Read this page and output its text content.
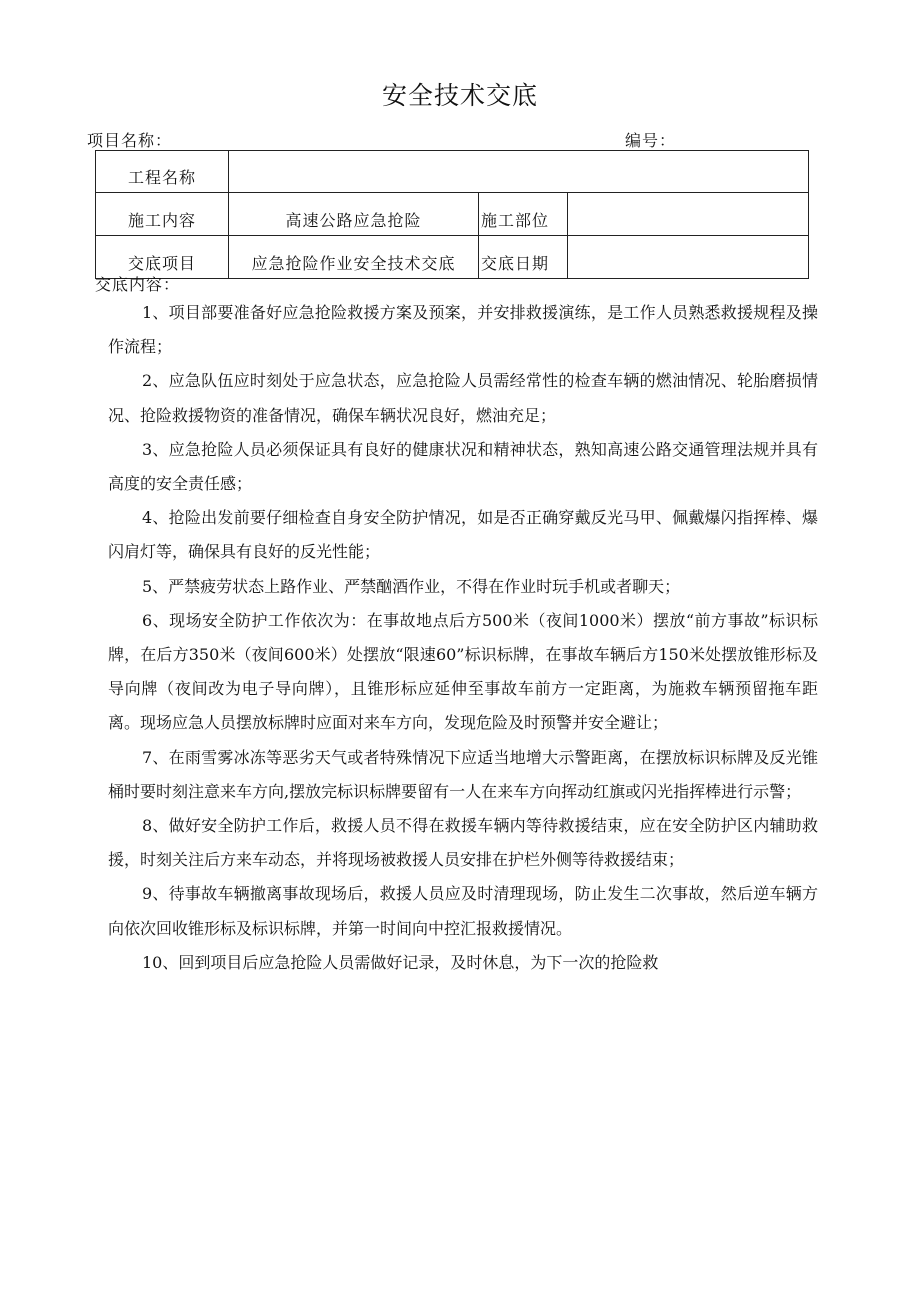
安全技术交底
项目名称：	编号：
工程名称			
施工内容	高速公路应急抢险	施工部位	
交底项目	应急抢险作业安全技术交底	交底日期	
交底内容：

1、项目部要准备好应急抢险救援方案及预案，并安排救援演练，是工作人员熟悉救援规程及操作流程；

2、应急队伍应时刻处于应急状态，应急抢险人员需经常性的检查车辆的燃油情况、轮胎磨损情况、抢险救援物资的准备情况，确保车辆状况良好，燃油充足；

3、应急抢险人员必须保证具有良好的健康状况和精神状态，熟知高速公路交通管理法规并具有高度的安全责任感；

4、抢险出发前要仔细检查自身安全防护情况，如是否正确穿戴反光马甲、佩戴爆闪指挥棒、爆闪肩灯等，确保具有良好的反光性能；

5、严禁疲劳状态上路作业、严禁酗酒作业，不得在作业时玩手机或者聊天；

6、现场安全防护工作依次为：在事故地点后方500米（夜间1000米）摆放“前方事故”标识标牌，在后方350米（夜间600米）处摆放“限速60”标识标牌，在事故车辆后方150米处摆放锥形标及导向牌（夜间改为电子导向牌），且锥形标应延伸至事故车前方一定距离，为施救车辆预留拖车距离。现场应急人员摆放标牌时应面对来车方向，发现危险及时预警并安全避让；

7、在雨雪雾冰冻等恶劣天气或者特殊情况下应适当地增大示警距离，在摆放标识标牌及反光锥桶时要时刻注意来车方向,摆放完标识标牌要留有一人在来车方向挥动红旗或闪光指挥棒进行示警；

8、做好安全防护工作后，救援人员不得在救援车辆内等待救援结束，应在安全防护区内辅助救援，时刻关注后方来车动态，并将现场被救援人员安排在护栏外侧等待救援结束；

9、待事故车辆撤离事故现场后，救援人员应及时清理现场，防止发生二次事故，然后逆车辆方向依次回收锥形标及标识标牌，并第一时间向中控汇报救援情况。

10、回到项目后应急抢险人员需做好记录，及时休息，为下一次的抢险救
